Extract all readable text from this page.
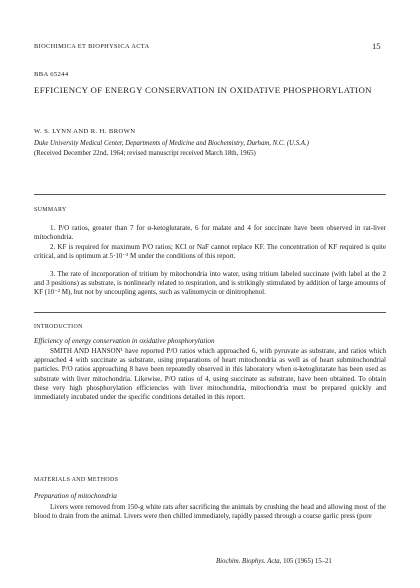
BIOCHIMICA ET BIOPHYSICA ACTA	15
BBA 65244
EFFICIENCY OF ENERGY CONSERVATION IN OXIDATIVE PHOSPHORYLATION
W. S. LYNN AND R. H. BROWN
Duke University Medical Center, Departments of Medicine and Biochemistry, Durham, N.C. (U.S.A.)
(Received December 22nd, 1964; revised manuscript received March 18th, 1965)
SUMMARY

1. P/O ratios, greater than 7 for α-ketoglutarate, 6 for malate and 4 for succinate have been observed in rat-liver mitochondria.

2. KF is required for maximum P/O ratios; KCl or NaF cannot replace KF. The concentration of KF required is quite critical, and is optimum at 5·10⁻³ M under the conditions of this report.

3. The rate of incorporation of tritium by mitochondria into water, using tritium labeled succinate (with label at the 2 and 3 positions) as substrate, is nonlinearly related to respiration, and is strikingly stimulated by addition of large amounts of KF (10⁻² M), but not by uncoupling agents, such as valinomycin or dinitrophenol.

INTRODUCTION
Efficiency of energy conservation in oxidative phosphorylation

SMITH AND HANSON¹ have reported P/O ratios which approached 6, with pyruvate as substrate, and ratios which approached 4 with succinate as substrate, using preparations of heart mitochondria as well as of heart submitochondrial particles. P/O ratios approaching 8 have been repeatedly observed in this laboratory when α-ketoglutarate has been used as substrate with liver mitochondria. Likewise, P/O ratios of 4, using succinate as substrate, have been obtained. To obtain these very high phosphorylation efficiencies with liver mitochondria, mitochondria must be prepared quickly and immediately incubated under the specific conditions detailed in this report.

MATERIALS AND METHODS
Preparation of mitochondria

Livers were removed from 150-g white rats after sacrificing the animals by crushing the head and allowing most of the blood to drain from the animal. Livers were then chilled immediately, rapidly passed through a coarse garlic press (pore

Biochim. Biophys. Acta, 105 (1965) 15–21
